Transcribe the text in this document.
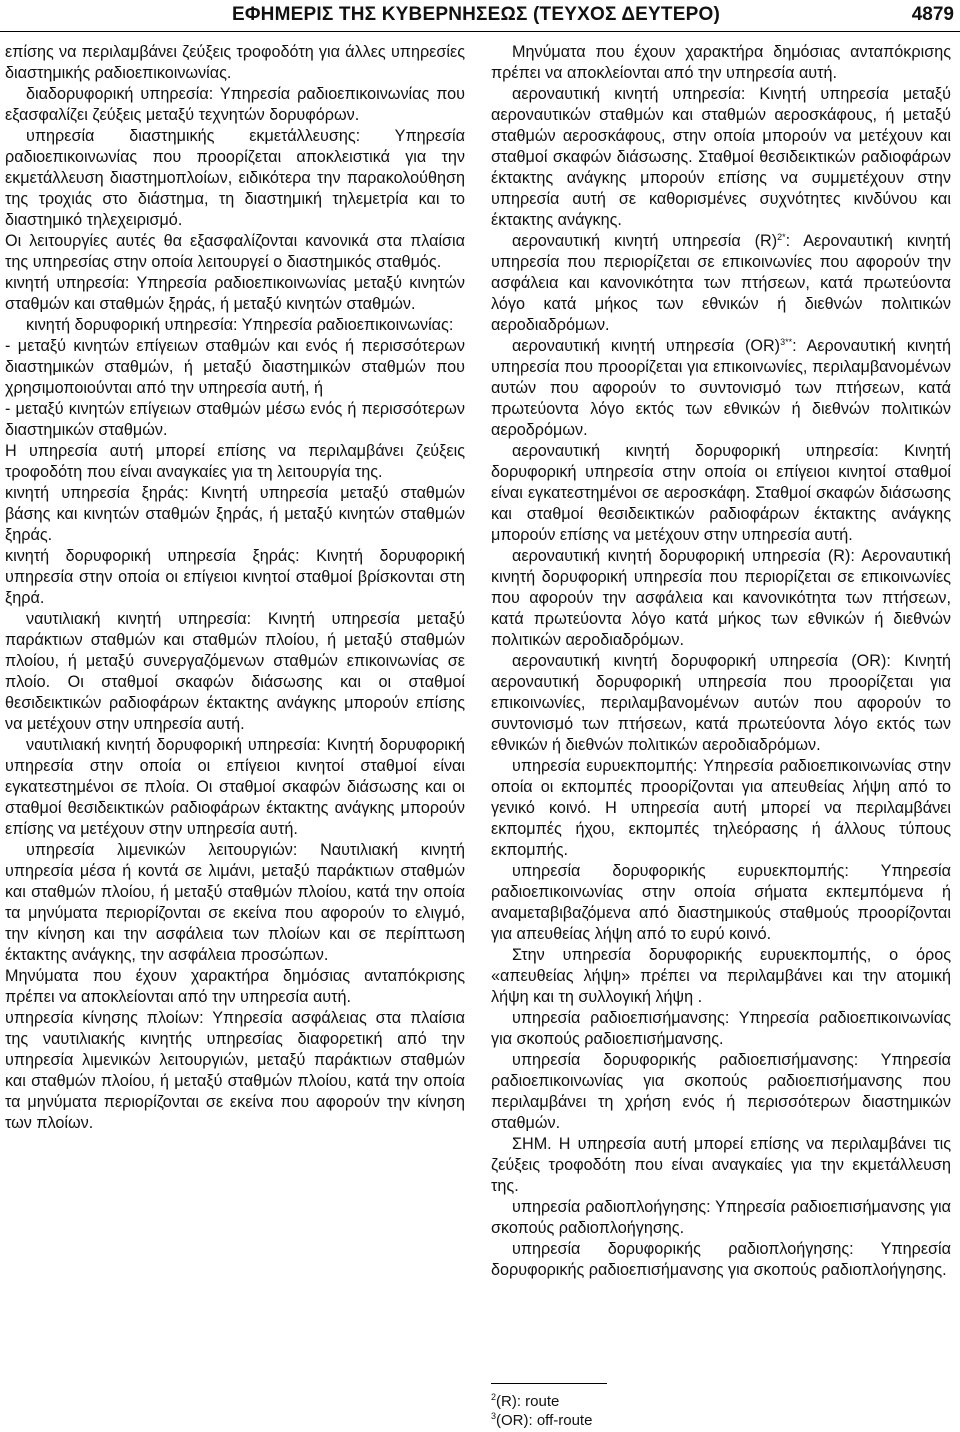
ΕΦΗΜΕΡΙΣ ΤΗΣ ΚΥΒΕΡΝΗΣΕΩΣ (ΤΕΥΧΟΣ ΔΕΥΤΕΡΟ)	4879

επίσης να περιλαμβάνει ζεύξεις τροφοδότη για άλλες υπηρεσίες διαστημικής ραδιοεπικοινωνίας.

διαδορυφορική υπηρεσία: Υπηρεσία ραδιοεπικοινωνίας που εξασφαλίζει ζεύξεις μεταξύ τεχνητών δορυφόρων.

υπηρεσία διαστημικής εκμετάλλευσης: Υπηρεσία ραδιοεπικοινωνίας που προορίζεται αποκλειστικά για την εκμετάλλευση διαστημοπλοίων, ειδικότερα την παρακολούθηση της τροχιάς στο διάστημα, τη διαστημική τηλεμετρία και το διαστημικό τηλεχειρισμό.

Οι λειτουργίες αυτές θα εξασφαλίζονται κανονικά στα πλαίσια της υπηρεσίας στην οποία λειτουργεί ο διαστημικός σταθμός.

κινητή υπηρεσία: Υπηρεσία ραδιοεπικοινωνίας μεταξύ κινητών σταθμών και σταθμών ξηράς, ή μεταξύ κινητών σταθμών.

κινητή δορυφορική υπηρεσία: Υπηρεσία ραδιοεπικοινωνίας:

- μεταξύ κινητών επίγειων σταθμών και ενός ή περισσότερων διαστημικών σταθμών, ή μεταξύ διαστημικών σταθμών που χρησιμοποιούνται από την υπηρεσία αυτή, ή

- μεταξύ κινητών επίγειων σταθμών μέσω ενός ή περισσότερων διαστημικών σταθμών.

Η υπηρεσία αυτή μπορεί επίσης να περιλαμβάνει ζεύξεις τροφοδότη που είναι αναγκαίες για τη λειτουργία της.

κινητή υπηρεσία ξηράς: Κινητή υπηρεσία μεταξύ σταθμών βάσης και κινητών σταθμών ξηράς, ή μεταξύ κινητών σταθμών ξηράς.

κινητή δορυφορική υπηρεσία ξηράς: Κινητή δορυφορική υπηρεσία στην οποία οι επίγειοι κινητοί σταθμοί βρίσκονται στη ξηρά.

ναυτιλιακή κινητή υπηρεσία: Κινητή υπηρεσία μεταξύ παράκτιων σταθμών και σταθμών πλοίου, ή μεταξύ σταθμών πλοίου, ή μεταξύ συνεργαζόμενων σταθμών επικοινωνίας σε πλοίο. Οι σταθμοί σκαφών διάσωσης και οι σταθμοί θεσιδεικτικών ραδιοφάρων έκτακτης ανάγκης μπορούν επίσης να μετέχουν στην υπηρεσία αυτή.

ναυτιλιακή κινητή δορυφορική υπηρεσία: Κινητή δορυφορική υπηρεσία στην οποία οι επίγειοι κινητοί σταθμοί είναι εγκατεστημένοι σε πλοία. Οι σταθμοί σκαφών διάσωσης και οι σταθμοί θεσιδεικτικών ραδιοφάρων έκτακτης ανάγκης μπορούν επίσης να μετέχουν στην υπηρεσία αυτή.

υπηρεσία λιμενικών λειτουργιών: Ναυτιλιακή κινητή υπηρεσία μέσα ή κοντά σε λιμάνι, μεταξύ παράκτιων σταθμών και σταθμών πλοίου, ή μεταξύ σταθμών πλοίου, κατά την οποία τα μηνύματα περιορίζονται σε εκείνα που αφορούν το ελιγμό, την κίνηση και την ασφάλεια των πλοίων και σε περίπτωση έκτακτης ανάγκης, την ασφάλεια προσώπων.

Μηνύματα που έχουν χαρακτήρα δημόσιας ανταπόκρισης πρέπει να αποκλείονται από την υπηρεσία αυτή.

υπηρεσία κίνησης πλοίων: Υπηρεσία ασφάλειας στα πλαίσια της ναυτιλιακής κινητής υπηρεσίας διαφορετική από την υπηρεσία λιμενικών λειτουργιών, μεταξύ παράκτιων σταθμών και σταθμών πλοίου, ή μεταξύ σταθμών πλοίου, κατά την οποία τα μηνύματα περιορίζονται σε εκείνα που αφορούν την κίνηση των πλοίων.

Μηνύματα που έχουν χαρακτήρα δημόσιας ανταπόκρισης πρέπει να αποκλείονται από την υπηρεσία αυτή.

αεροναυτική κινητή υπηρεσία: Κινητή υπηρεσία μεταξύ αεροναυτικών σταθμών και σταθμών αεροσκάφους, ή μεταξύ σταθμών αεροσκάφους, στην οποία μπορούν να μετέχουν και σταθμοί σκαφών διάσωσης. Σταθμοί θεσιδεικτικών ραδιοφάρων έκτακτης ανάγκης μπορούν επίσης να συμμετέχουν στην υπηρεσία αυτή σε καθορισμένες συχνότητες κινδύνου και έκτακτης ανάγκης.

αεροναυτική κινητή υπηρεσία $(R)^{2*}$: Αεροναυτική κινητή υπηρεσία που περιορίζεται σε επικοινωνίες που αφορούν την ασφάλεια και κανονικότητα των πτήσεων, κατά πρωτεύοντα λόγο κατά μήκος των εθνικών ή διεθνών πολιτικών αεροδιαδρόμων.

αεροναυτική κινητή υπηρεσία (OR)$^{3**}$: Αεροναυτική κινητή υπηρεσία που προορίζεται για επικοινωνίες, περιλαμβανομένων αυτών που αφορούν το συντονισμό των πτήσεων, κατά πρωτεύοντα λόγο εκτός των εθνικών ή διεθνών πολιτικών αεροδρόμων.

αεροναυτική κινητή δορυφορική υπηρεσία: Κινητή δορυφορική υπηρεσία στην οποία οι επίγειοι κινητοί σταθμοί είναι εγκατεστημένοι σε αεροσκάφη. Σταθμοί σκαφών διάσωσης και σταθμοί θεσιδεικτικών ραδιοφάρων έκτακτης ανάγκης μπορούν επίσης να μετέχουν στην υπηρεσία αυτή.

αεροναυτική κινητή δορυφορική υπηρεσία (R): Αεροναυτική κινητή δορυφορική υπηρεσία που περιορίζεται σε επικοινωνίες που αφορούν την ασφάλεια και κανονικότητα των πτήσεων, κατά πρωτεύοντα λόγο κατά μήκος των εθνικών ή διεθνών πολιτικών αεροδιαδρόμων.

αεροναυτική κινητή δορυφορική υπηρεσία (OR): Κινητή αεροναυτική δορυφορική υπηρεσία που προορίζεται για επικοινωνίες, περιλαμβανομένων αυτών που αφορούν το συντονισμό των πτήσεων, κατά πρωτεύοντα λόγο εκτός των εθνικών ή διεθνών πολιτικών αεροδιαδρόμων.

υπηρεσία ευρυεκπομπής: Υπηρεσία ραδιοεπικοινωνίας στην οποία οι εκπομπές προορίζονται για απευθείας λήψη από το γενικό κοινό. Η υπηρεσία αυτή μπορεί να περιλαμβάνει εκπομπές ήχου, εκπομπές τηλεόρασης ή άλλους τύπους εκπομπής.

υπηρεσία δορυφορικής ευρυεκπομπής: Υπηρεσία ραδιοεπικοινωνίας στην οποία σήματα εκπεμπόμενα ή αναμεταβιβαζόμενα από διαστημικούς σταθμούς προορίζονται για απευθείας λήψη από το ευρύ κοινό.

Στην υπηρεσία δορυφορικής ευρυεκπομπής, ο όρος «απευθείας λήψη» πρέπει να περιλαμβάνει και την ατομική λήψη και τη συλλογική λήψη .

υπηρεσία ραδιοεπισήμανσης: Υπηρεσία ραδιοεπικοινωνίας για σκοπούς ραδιοεπισήμανσης.

υπηρεσία δορυφορικής ραδιοεπισήμανσης: Υπηρεσία ραδιοεπικοινωνίας για σκοπούς ραδιοεπισήμανσης που περιλαμβάνει τη χρήση ενός ή περισσότερων διαστημικών σταθμών.

ΣΗΜ. Η υπηρεσία αυτή μπορεί επίσης να περιλαμβάνει τις ζεύξεις τροφοδότη που είναι αναγκαίες για την εκμετάλλευση της.

υπηρεσία ραδιοπλοήγησης: Υπηρεσία ραδιοεπισήμανσης για σκοπούς ραδιοπλοήγησης.

υπηρεσία δορυφορικής ραδιοπλοήγησης: Υπηρεσία δορυφορικής ραδιοεπισήμανσης για σκοπούς ραδιοπλοήγησης.

$^2$(R): route
$^3$(OR): off-route
